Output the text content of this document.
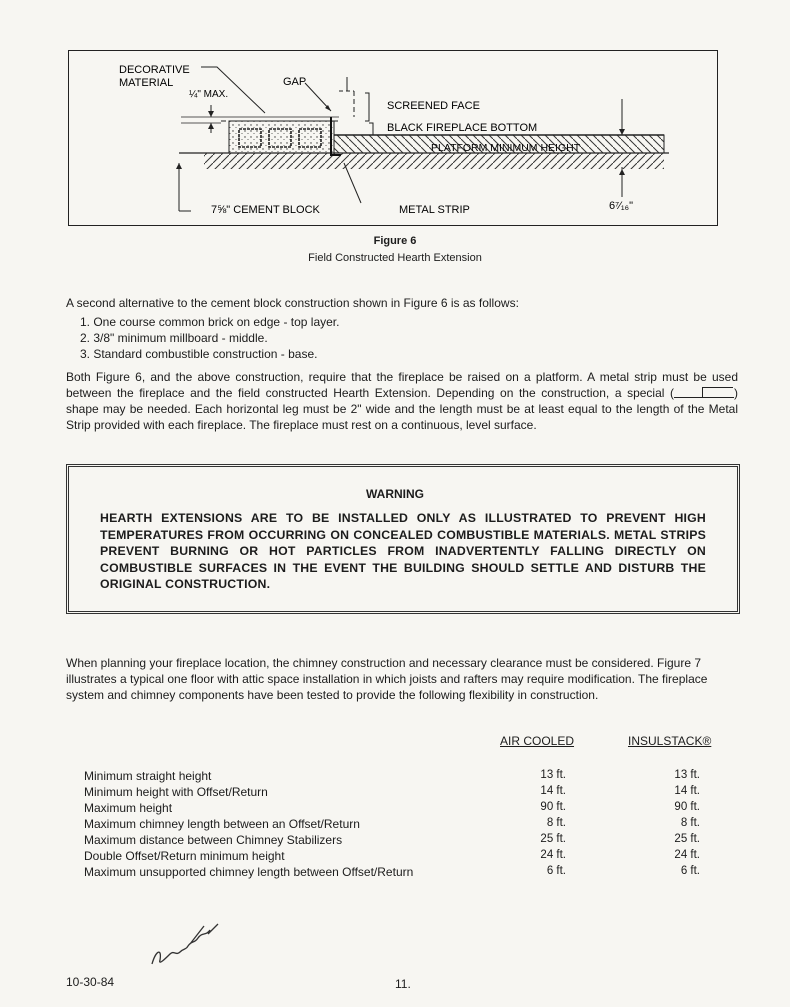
DECORATIVE
MATERIAL
¼" MAX.
GAP
SCREENED FACE
BLACK FIREPLACE BOTTOM
PLATFORM MINIMUM HEIGHT
7⅝" CEMENT BLOCK	METAL STRIP	6⁷⁄₁₆"
Figure 6
Field Constructed Hearth Extension
A second alternative to the cement block construction shown in Figure 6 is as follows:
1. One course common brick on edge - top layer.
2. 3/8" minimum millboard - middle.
3. Standard combustible construction - base.
Both Figure 6, and the above construction, require that the fireplace be raised on a platform. A metal strip must be used between the fireplace and the field constructed Hearth Extension. Depending on the construction, a special (	) shape may be needed. Each horizontal leg must be 2" wide and the length must be at least equal to the length of the Metal Strip provided with each fireplace. The fireplace must rest on a continuous, level surface.
WARNING
HEARTH EXTENSIONS ARE TO BE INSTALLED ONLY AS ILLUSTRATED TO PREVENT HIGH TEMPERATURES FROM OCCURRING ON CONCEALED COMBUSTIBLE MATERIALS. METAL STRIPS PREVENT BURNING OR HOT PARTICLES FROM INADVERTENTLY FALLING DIRECTLY ON COMBUSTIBLE SURFACES IN THE EVENT THE BUILDING SHOULD SETTLE AND DISTURB THE ORIGINAL CONSTRUCTION.
When planning your fireplace location, the chimney construction and necessary clearance must be considered. Figure 7 illustrates a typical one floor with attic space installation in which joists and rafters may require modification. The fireplace system and chimney components have been tested to provide the following flexibility in construction.
AIR COOLED	INSULSTACK®
Minimum straight height	13 ft.	13 ft.
Minimum height with Offset/Return	14 ft.	14 ft.
Maximum height	90 ft.	90 ft.
Maximum chimney length between an Offset/Return	8 ft.	8 ft.
Maximum distance between Chimney Stabilizers	25 ft.	25 ft.
Double Offset/Return minimum height	24 ft.	24 ft.
Maximum unsupported chimney length between Offset/Return	6 ft.	6 ft.
10-30-84	11.
